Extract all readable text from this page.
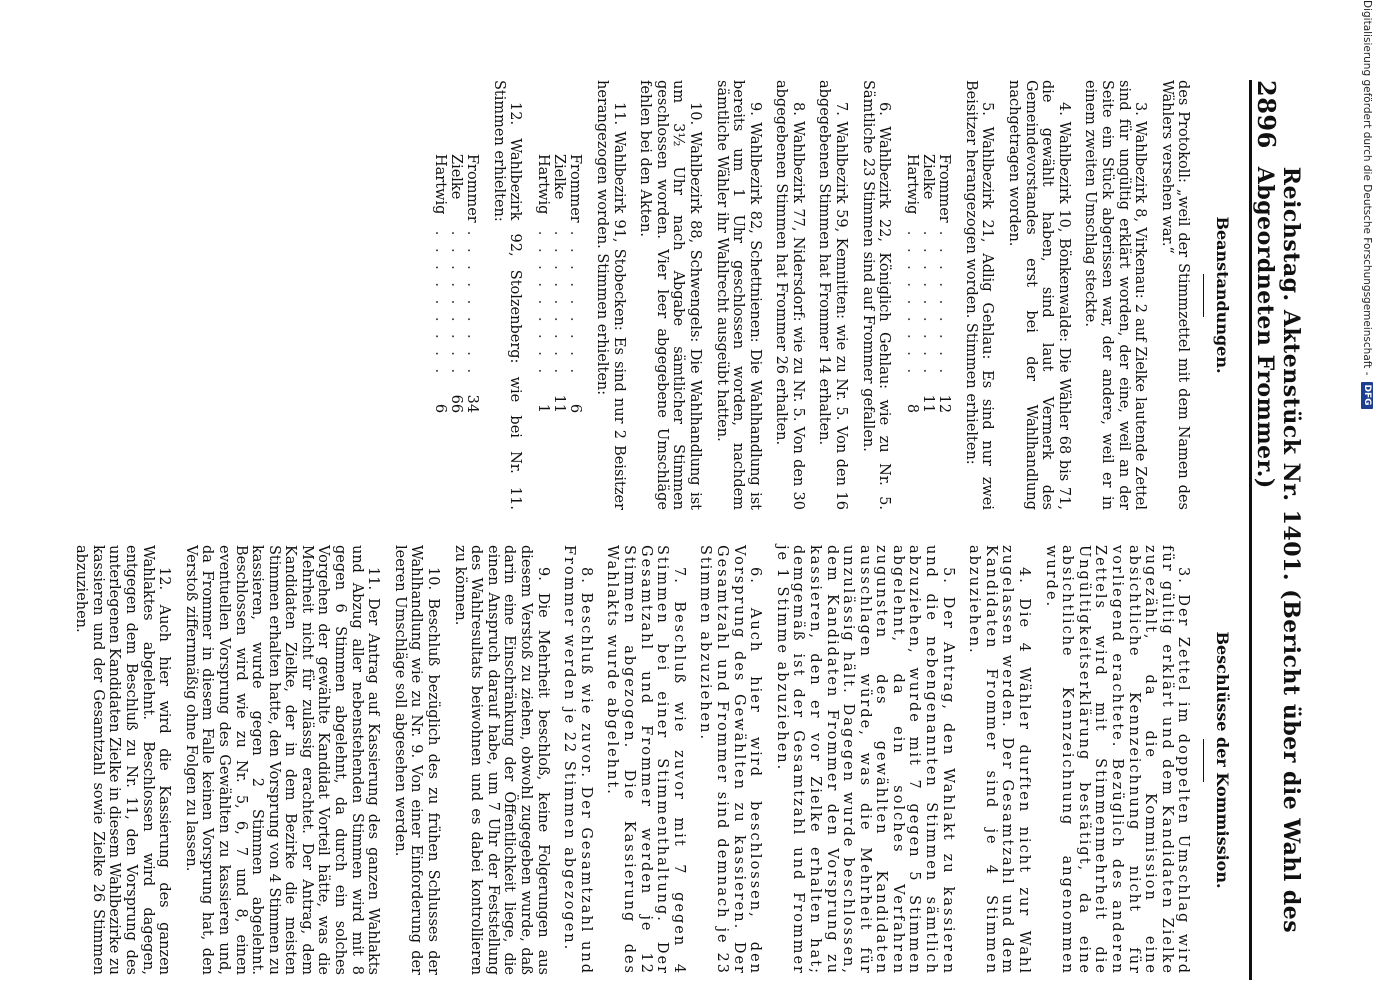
2896
Reichstag. Aktenstück Nr. 1401. (Bericht über die Wahl des Abgeordneten Frommer.)
Beanstandungen.

des Protokoll: „weil der Stimmzettel mit dem Namen des Wählers versehen war.“

3. Wahlbezirk 8, Virkenau: 2 auf Zielke lautende Zettel sind für ungültig erklärt worden, der eine, weil an der Seite ein Stück abgerissen war, der andere, weil er in einem zweiten Umschlag steckte.

4. Wahlbezirk 10, Bönkenwalde: Die Wähler 68 bis 71, die gewählt haben, sind laut Vermerk des Gemeindevorstandes erst bei der Wahlhandlung nachgetragen worden.

5. Wahlbezirk 21, Adlig Gehlau: Es sind nur zwei Beisitzer herangezogen worden. Stimmen erhielten:

Frommer	. . . . . . . . .	12
Zielke	. . . . . . . . .	11
Hartwig	. . . . . . . . .	8

6. Wahlbezirk 22, Königlich Gehlau: wie zu Nr. 5. Sämtliche 23 Stimmen sind auf Frommer gefallen.

7. Wahlbezirk 59, Kemnitten: wie zu Nr. 5. Von den 16 abgegebenen Stimmen hat Frommer 14 erhalten.

8. Wahlbezirk 77, Nidersdorf: wie zu Nr. 5. Von den 30 abgegebenen Stimmen hat Frommer 26 erhalten.

9. Wahlbezirk 82, Schettnienen: Die Wahlhandlung ist bereits um 1 Uhr geschlossen worden, nachdem sämtliche Wähler ihr Wahlrecht ausgeübt hatten.

10. Wahlbezirk 88, Schwengels: Die Wahlhandlung ist um 3½ Uhr nach Abgabe sämtlicher Stimmen geschlossen worden. Vier leer abgegebene Umschläge fehlen bei den Akten.

11. Wahlbezirk 91, Stobecken: Es sind nur 2 Beisitzer herangezogen worden. Stimmen erhielten:

Frommer	. . . . . . . . .	6
Zielke	. . . . . . . . .	11
Hartwig	. . . . . . . . .	1

12. Wahlbezirk 92, Stolzenberg: wie bei Nr. 11. Stimmen erhielten:

Frommer	. . . . . . . . .	34
Zielke	. . . . . . . . .	66
Hartwig	. . . . . . . . .	6
Beschlüsse der Kommission.

3. Der Zettel im doppelten Umschlag wird für gültig erklärt und dem Kandidaten Zielke zugezählt, da die Kommission eine absichtliche Kennzeichnung nicht für vorliegend erachtete. Bezüglich des anderen Zettels wird mit Stimmenmehrheit die Ungültigkeitserklärung bestätigt, da eine absichtliche Kennzeichnung angenommen wurde.

4. Die 4 Wähler durften nicht zur Wahl zugelassen werden. Der Gesamtzahl und dem Kandidaten Frommer sind je 4 Stimmen abzuziehen.

5. Der Antrag, den Wahlakt zu kassieren und die nebengenannten Stimmen sämtlich abzuziehen, wurde mit 7 gegen 5 Stimmen abgelehnt, da ein solches Verfahren zugunsten des gewählten Kandidaten ausschlagen würde, was die Mehrheit für unzulässig hält. Dagegen wurde beschlossen, dem Kandidaten Frommer den Vorsprung zu kassieren, den er vor Zielke erhalten hat; demgemäß ist der Gesamtzahl und Frommer je 1 Stimme abzuziehen.

6. Auch hier wird beschlossen, den Vorsprung des Gewählten zu kassieren. Der Gesamtzahl und Frommer sind demnach je 23 Stimmen abzuziehen.

7. Beschluß wie zuvor mit 7 gegen 4 Stimmen bei einer Stimmenthaltung. Der Gesamtzahl und Frommer werden je 12 Stimmen abgezogen. Die Kassierung des Wahlakts wurde abgelehnt.

8. Beschluß wie zuvor. Der Gesamtzahl und Frommer werden je 22 Stimmen abgezogen.

9. Die Mehrheit beschloß, keine Folgerungen aus diesem Verstoß zu ziehen, obwohl zugegeben wurde, daß darin eine Einschränkung der Öffentlichkeit liege, die einen Anspruch darauf habe, um 7 Uhr der Feststellung des Wahlresultats beiwohnen und es dabei kontrollieren zu können.

10. Beschluß bezüglich des zu frühen Schlusses der Wahlhandlung wie zu Nr. 9. Von einer Einforderung der leeren Umschläge soll abgesehen werden.

11. Der Antrag auf Kassierung des ganzen Wahlakts und Abzug aller nebenstehenden Stimmen wird mit 8 gegen 6 Stimmen abgelehnt, da durch ein solches Vorgehen der gewählte Kandidat Vorteil hätte, was die Mehrheit nicht für zulässig erachtet. Der Antrag, dem Kandidaten Zielke, der in dem Bezirke die meisten Stimmen erhalten hatte, den Vorsprung von 4 Stimmen zu kassieren, wurde gegen 2 Stimmen abgelehnt. Beschlossen wird wie zu Nr. 5, 6, 7 und 8, einen eventuellen Vorsprung des Gewählten zu kassieren und, da Frommer in diesem Falle keinen Vorsprung hat, den Verstoß ziffernmäßig ohne Folgen zu lassen.

12. Auch hier wird die Kassierung des ganzen Wahlaktes abgelehnt. Beschlossen wird dagegen, entgegen dem Beschluß zu Nr. 11, den Vorsprung des unterlegenen Kandidaten Zielke in diesem Wahlbezirke zu kassieren und der Gesamtzahl sowie Zielke 26 Stimmen abzuziehen.

Digitalisierung gefördert durch die Deutsche Forschungsgemeinschaft -
DFG
